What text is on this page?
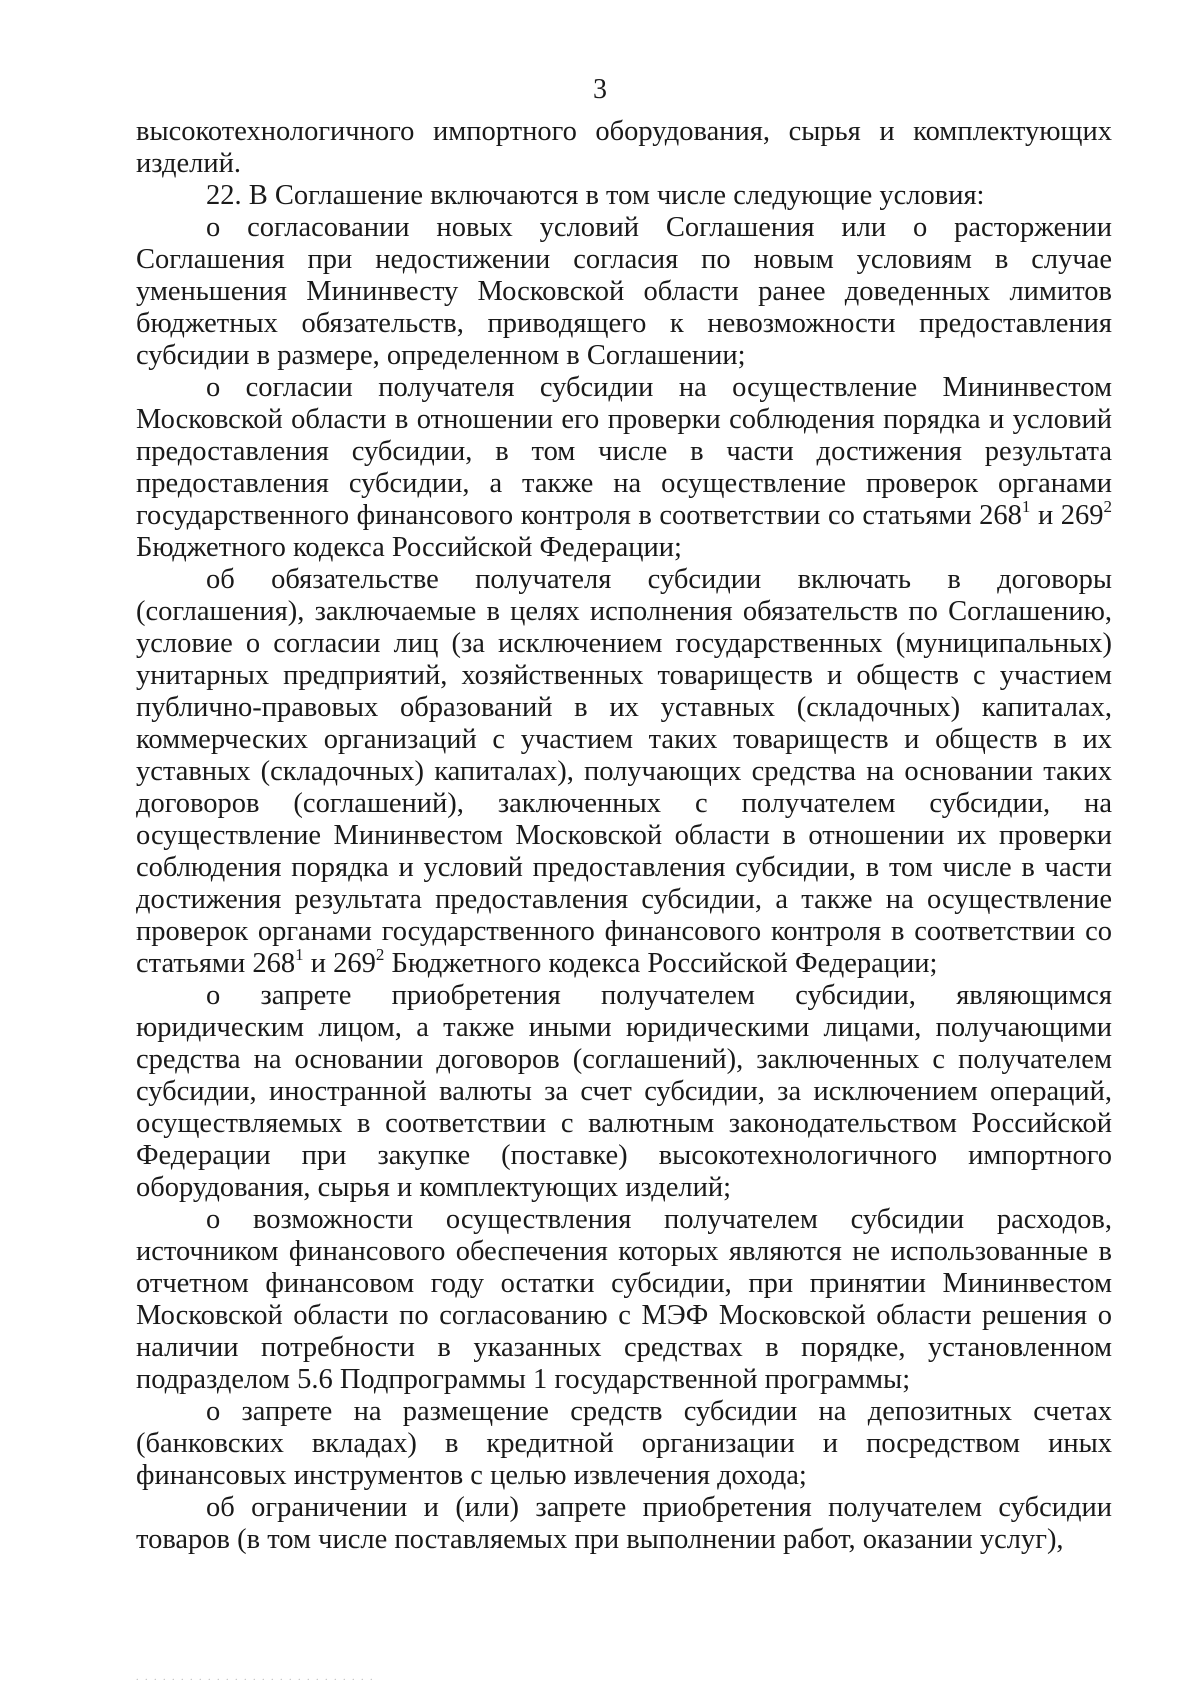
3

высокотехнологичного импортного оборудования, сырья и комплектующих изделий.

22. В Соглашение включаются в том числе следующие условия:

о согласовании новых условий Соглашения или о расторжении Соглашения при недостижении согласия по новым условиям в случае уменьшения Мининвесту Московской области ранее доведенных лимитов бюджетных обязательств, приводящего к невозможности предоставления субсидии в размере, определенном в Соглашении;

о согласии получателя субсидии на осуществление Мининвестом Московской области в отношении его проверки соблюдения порядка и условий предоставления субсидии, в том числе в части достижения результата предоставления субсидии, а также на осуществление проверок органами государственного финансового контроля в соответствии со статьями $268^1$ и $269^2$ Бюджетного кодекса Российской Федерации;

об обязательстве получателя субсидии включать в договоры (соглашения), заключаемые в целях исполнения обязательств по Соглашению, условие о согласии лиц (за исключением государственных (муниципальных) унитарных предприятий, хозяйственных товариществ и обществ с участием публично-правовых образований в их уставных (складочных) капиталах, коммерческих организаций с участием таких товариществ и обществ в их уставных (складочных) капиталах), получающих средства на основании таких договоров (соглашений), заключенных с получателем субсидии, на осуществление Мининвестом Московской области в отношении их проверки соблюдения порядка и условий предоставления субсидии, в том числе в части достижения результата предоставления субсидии, а также на осуществление проверок органами государственного финансового контроля в соответствии со статьями $268^1$ и $269^2$ Бюджетного кодекса Российской Федерации;

о запрете приобретения получателем субсидии, являющимся юридическим лицом, а также иными юридическими лицами, получающими средства на основании договоров (соглашений), заключенных с получателем субсидии, иностранной валюты за счет субсидии, за исключением операций, осуществляемых в соответствии с валютным законодательством Российской Федерации при закупке (поставке) высокотехнологичного импортного оборудования, сырья и комплектующих изделий;

о возможности осуществления получателем субсидии расходов, источником финансового обеспечения которых являются не использованные в отчетном финансовом году остатки субсидии, при принятии Мининвестом Московской области по согласованию с МЭФ Московской области решения о наличии потребности в указанных средствах в порядке, установленном подразделом 5.6 Подпрограммы 1 государственной программы;

о запрете на размещение средств субсидии на депозитных счетах (банковских вкладах) в кредитной организации и посредством иных финансовых инструментов с целью извлечения дохода;

об ограничении и (или) запрете приобретения получателем субсидии товаров (в том числе поставляемых при выполнении работ, оказании услуг),

. . . . . . . . . . . . . . . . . . . . . . . . . . .
